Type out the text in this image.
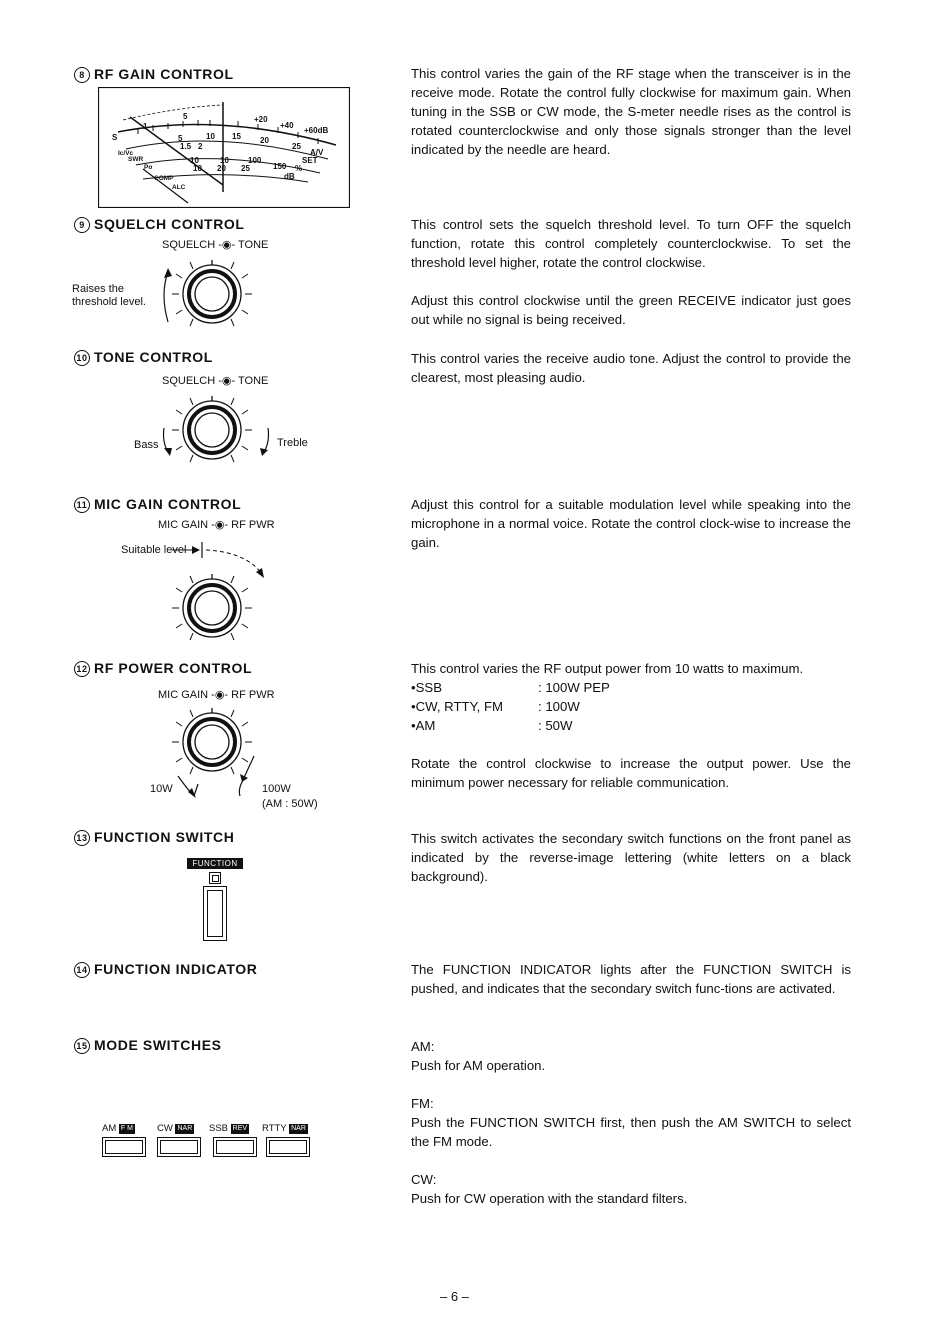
8 RF GAIN CONTROL
S
1
5	+20
+40
+60dB
5	10 15 20
25
1.5 2
10	10
10 20 25
100
150 %
dB
A/V
SET
Ic/Vc
SWR
Po
COMP
ALC

This control varies the gain of the RF stage when the transceiver is in the receive mode. Rotate the control fully clockwise for maximum gain. When tuning in the SSB or CW mode, the S-meter needle rises as the control is rotated counterclockwise and only those signals stronger than the level indicated by the needle are heard.

9 SQUELCH CONTROL
SQUELCH -◉- TONE
Raises the
threshold level.

This control sets the squelch threshold level. To turn OFF the squelch function, rotate this control completely counterclockwise. To set the threshold level higher, rotate the control clockwise.

Adjust this control clockwise until the green RECEIVE indicator just goes out while no signal is being received.

10 TONE CONTROL
SQUELCH -◉- TONE
Bass	Treble

This control varies the receive audio tone. Adjust the control to provide the clearest, most pleasing audio.

11 MIC GAIN CONTROL
MIC GAIN -◉- RF PWR
Suitable level

Adjust this control for a suitable modulation level while speaking into the microphone in a normal voice. Rotate the control clock-wise to increase the gain.

12 RF POWER CONTROL
MIC GAIN -◉- RF PWR
10W	100W
(AM : 50W)

This control varies the RF output power from 10 watts to maximum.

•SSB	: 100W PEP
•CW, RTTY, FM	: 100W
•AM	: 50W

Rotate the control clockwise to increase the output power. Use the minimum power necessary for reliable communication.

13 FUNCTION SWITCH
FUNCTION

This switch activates the secondary switch functions on the front panel as indicated by the reverse-image lettering (white letters on a black background).

14 FUNCTION INDICATOR	The FUNCTION INDICATOR lights after the FUNCTION SWITCH is pushed, and indicates that the secondary switch func-tions are activated.

15 MODE SWITCHES
AM F M	CW NAR	SSB REV	RTTY NAR

AM:

Push for AM operation.

FM:

Push the FUNCTION SWITCH first, then push the AM SWITCH to select the FM mode.

CW:

Push for CW operation with the standard filters.

– 6 –
